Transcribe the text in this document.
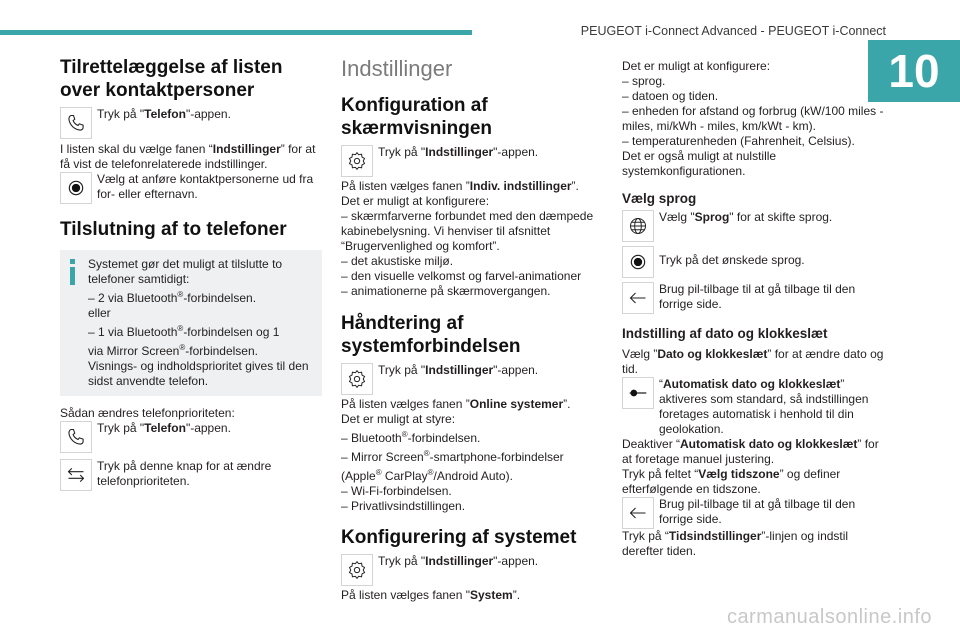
PEUGEOT i-Connect Advanced - PEUGEOT i-Connect
10
Tilrettelæggelse af listen over kontaktpersoner

Tryk på "Telefon"-appen.

I listen skal du vælge fanen “Indstillinger” for at få vist de telefonrelaterede indstillinger.

Vælg at anføre kontaktpersonerne ud fra for- eller efternavn.

Tilslutning af to telefoner

Systemet gør det muligt at tilslutte to telefoner samtidigt:

– 2 via Bluetooth®-forbindelsen.

eller

– 1 via Bluetooth®-forbindelsen og 1

via Mirror Screen®-forbindelsen.

Visnings- og indholdsprioritet gives til den sidst anvendte telefon.

Sådan ændres telefonprioriteten:

Tryk på "Telefon"-appen.

Tryk på denne knap for at ændre telefonprioriteten.

Indstillinger
Konfiguration af skærmvisningen

Tryk på "Indstillinger"-appen.

På listen vælges fanen ”Indiv. indstillinger”.

Det er muligt at konfigurere:

– skærmfarverne forbundet med den dæmpede kabinebelysning. Vi henviser til afsnittet “Brugervenlighed og komfort”.

– det akustiske miljø.

– den visuelle velkomst og farvel-animationer

– animationerne på skærmovergangen.

Håndtering af systemforbindelsen

Tryk på "Indstillinger"-appen.

På listen vælges fanen ”Online systemer”.

Det er muligt at styre:

– Bluetooth®-forbindelsen.

– Mirror Screen®-smartphone-forbindelser

(Apple® CarPlay®/Android Auto).

– Wi-Fi-forbindelsen.

– Privatlivsindstillingen.

Konfigurering af systemet

Tryk på "Indstillinger"-appen.

På listen vælges fanen "System”.

Det er muligt at konfigurere:

– sprog.

– datoen og tiden.

– enheden for afstand og forbrug (kW/100 miles - miles, mi/kWh - miles, km/kWt - km).

– temperaturenheden (Fahrenheit, Celsius).

Det er også muligt at nulstille systemkonfigurationen.

Vælg sprog

Vælg "Sprog" for at skifte sprog.

Tryk på det ønskede sprog.

Brug pil-tilbage til at gå tilbage til den forrige side.

Indstilling af dato og klokkeslæt

Vælg ”Dato og klokkeslæt” for at ændre dato og tid.

“Automatisk dato og klokkeslæt” aktiveres som standard, så indstillingen foretages automatisk i henhold til din geolokation.

Deaktiver “Automatisk dato og klokkeslæt” for at foretage manuel justering.

Tryk på feltet “Vælg tidszone” og definer efterfølgende en tidszone.

Brug pil-tilbage til at gå tilbage til den forrige side.

Tryk på “Tidsindstillinger”-linjen og indstil derefter tiden.

carmanualsonline.info
